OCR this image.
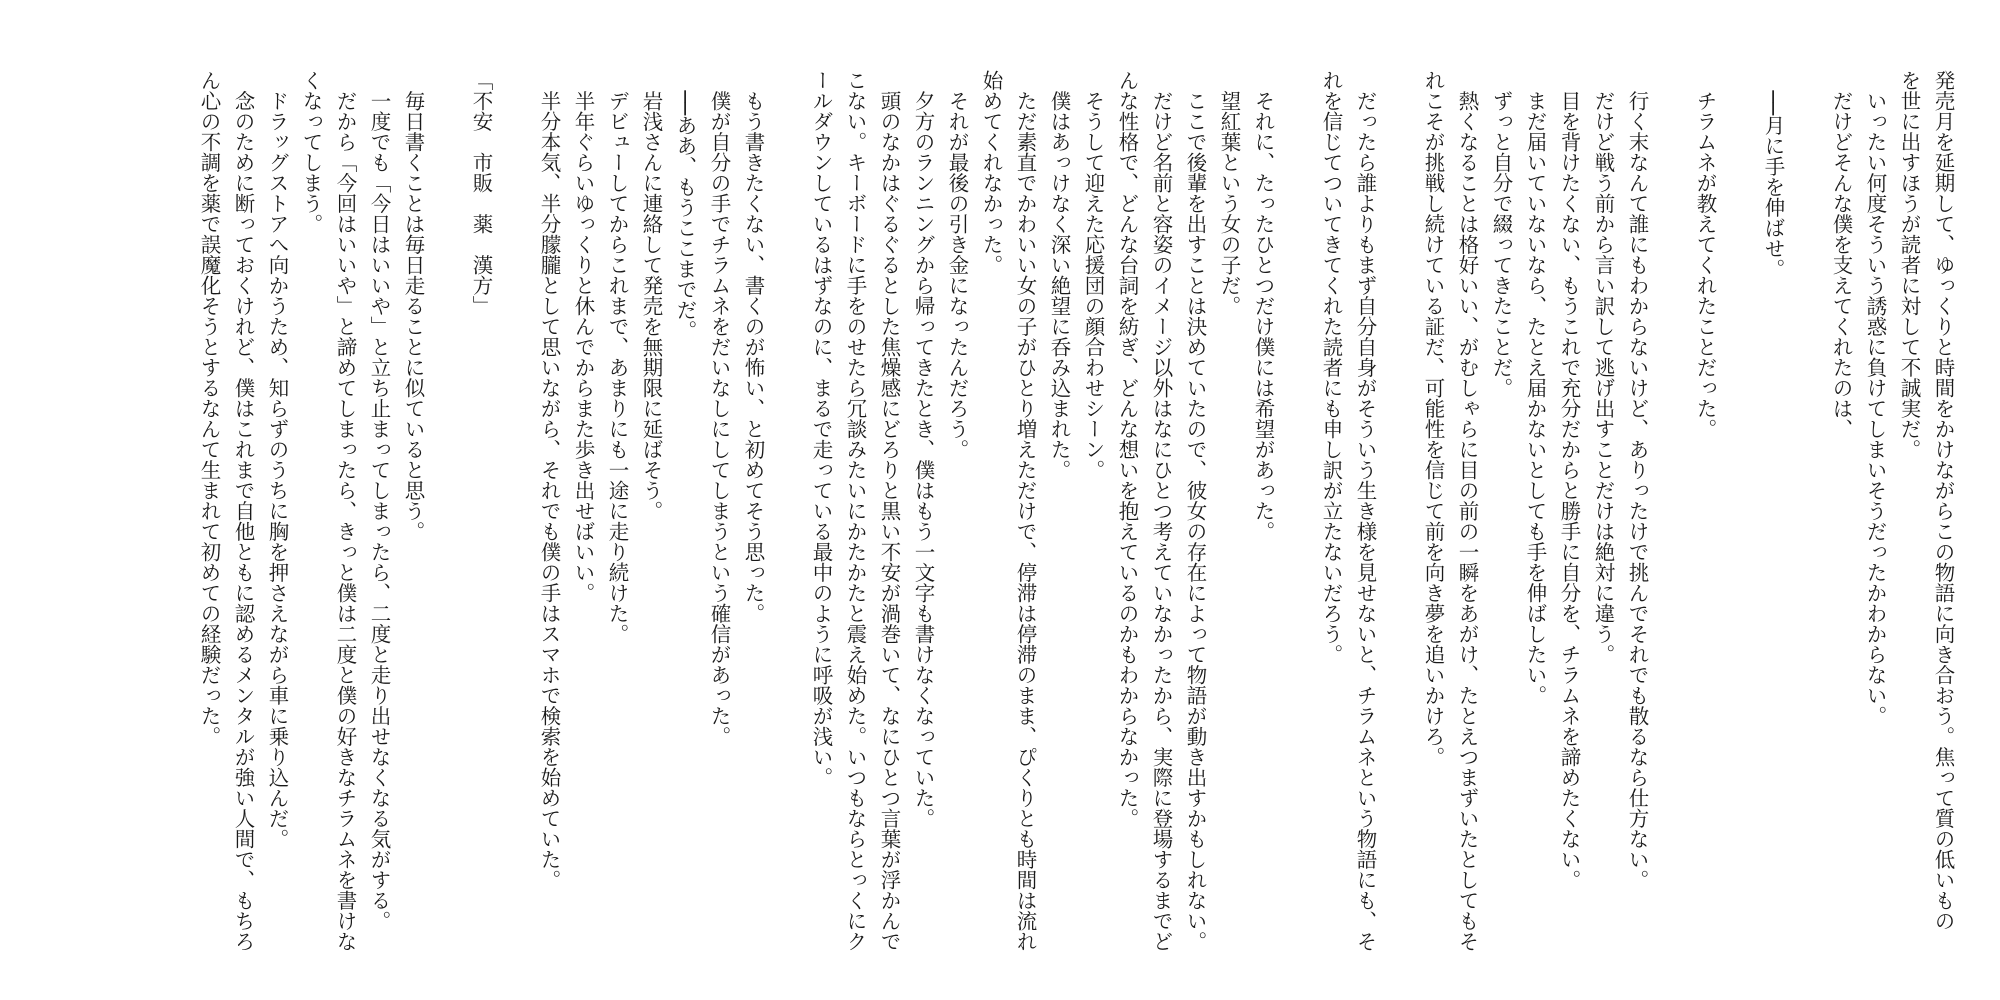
発売月を延期して、ゆっくりと時間をかけながらこの物語に向き合おう。焦って質の低いもの
を世に出すほうが読者に対して不誠実だ。
　いったい何度そういう誘惑に負けてしまいそうだったかわからない。
　だけどそんな僕を支えてくれたのは、
　──月に手を伸ばせ。
　チラムネが教えてくれたことだった。
　行く末なんて誰にもわからないけど、ありったけで挑んでそれでも散るなら仕方ない。
　だけど戦う前から言い訳して逃げ出すことだけは絶対に違う。
　目を背けたくない、もうこれで充分だからと勝手に自分を、チラムネを諦めたくない。
　まだ届いていないなら、たとえ届かないとしても手を伸ばしたい。
　ずっと自分で綴ってきたことだ。
　熱くなることは格好いい、がむしゃらに目の前の一瞬をあがけ、たとえつまずいたとしてもそ
れこそが挑戦し続けている証だ、可能性を信じて前を向き夢を追いかけろ。
　だったら誰よりもまず自分自身がそういう生き様を見せないと、チラムネという物語にも、そ
れを信じてついてきてくれた読者にも申し訳が立たないだろう。
　それに、たったひとつだけ僕には希望があった。
　望紅葉という女の子だ。
　ここで後輩を出すことは決めていたので、彼女の存在によって物語が動き出すかもしれない。
　だけど名前と容姿のイメージ以外はなにひとつ考えていなかったから、実際に登場するまでど
んな性格で、どんな台詞を紡ぎ、どんな想いを抱えているのかもわからなかった。
　そうして迎えた応援団の顔合わせシーン。
　僕はあっけなく深い絶望に呑み込まれた。
　ただ素直でかわいい女の子がひとり増えただけで、停滞は停滞のまま、ぴくりとも時間は流れ
始めてくれなかった。
　それが最後の引き金になったんだろう。
　夕方のランニングから帰ってきたとき、僕はもう一文字も書けなくなっていた。
　頭のなかはぐるぐるとした焦燥感にどろりと黒い不安が渦巻いて、なにひとつ言葉が浮かんで
こない。キーボードに手をのせたら冗談みたいにかたかたと震え始めた。いつもならとっくにク
ールダウンしているはずなのに、まるで走っている最中のように呼吸が浅い。
　もう書きたくない、書くのが怖い、と初めてそう思った。
　僕が自分の手でチラムネをだいなしにしてしまうという確信があった。
　──ああ、もうここまでだ。
　岩浅さんに連絡して発売を無期限に延ばそう。
　デビューしてからこれまで、あまりにも一途に走り続けた。
　半年ぐらいゆっくりと休んでからまた歩き出せばいい。
　半分本気、半分朦朧として思いながら、それでも僕の手はスマホで検索を始めていた。
「不安　市販　薬　漢方」
　毎日書くことは毎日走ることに似ていると思う。
　一度でも「今日はいいや」と立ち止まってしまったら、二度と走り出せなくなる気がする。
　だから「今回はいいや」と諦めてしまったら、きっと僕は二度と僕の好きなチラムネを書けな
くなってしまう。
　ドラッグストアへ向かうため、知らずのうちに胸を押さえながら車に乗り込んだ。
　念のために断っておくけれど、僕はこれまで自他ともに認めるメンタルが強い人間で、もちろ
ん心の不調を薬で誤魔化そうとするなんて生まれて初めての経験だった。
